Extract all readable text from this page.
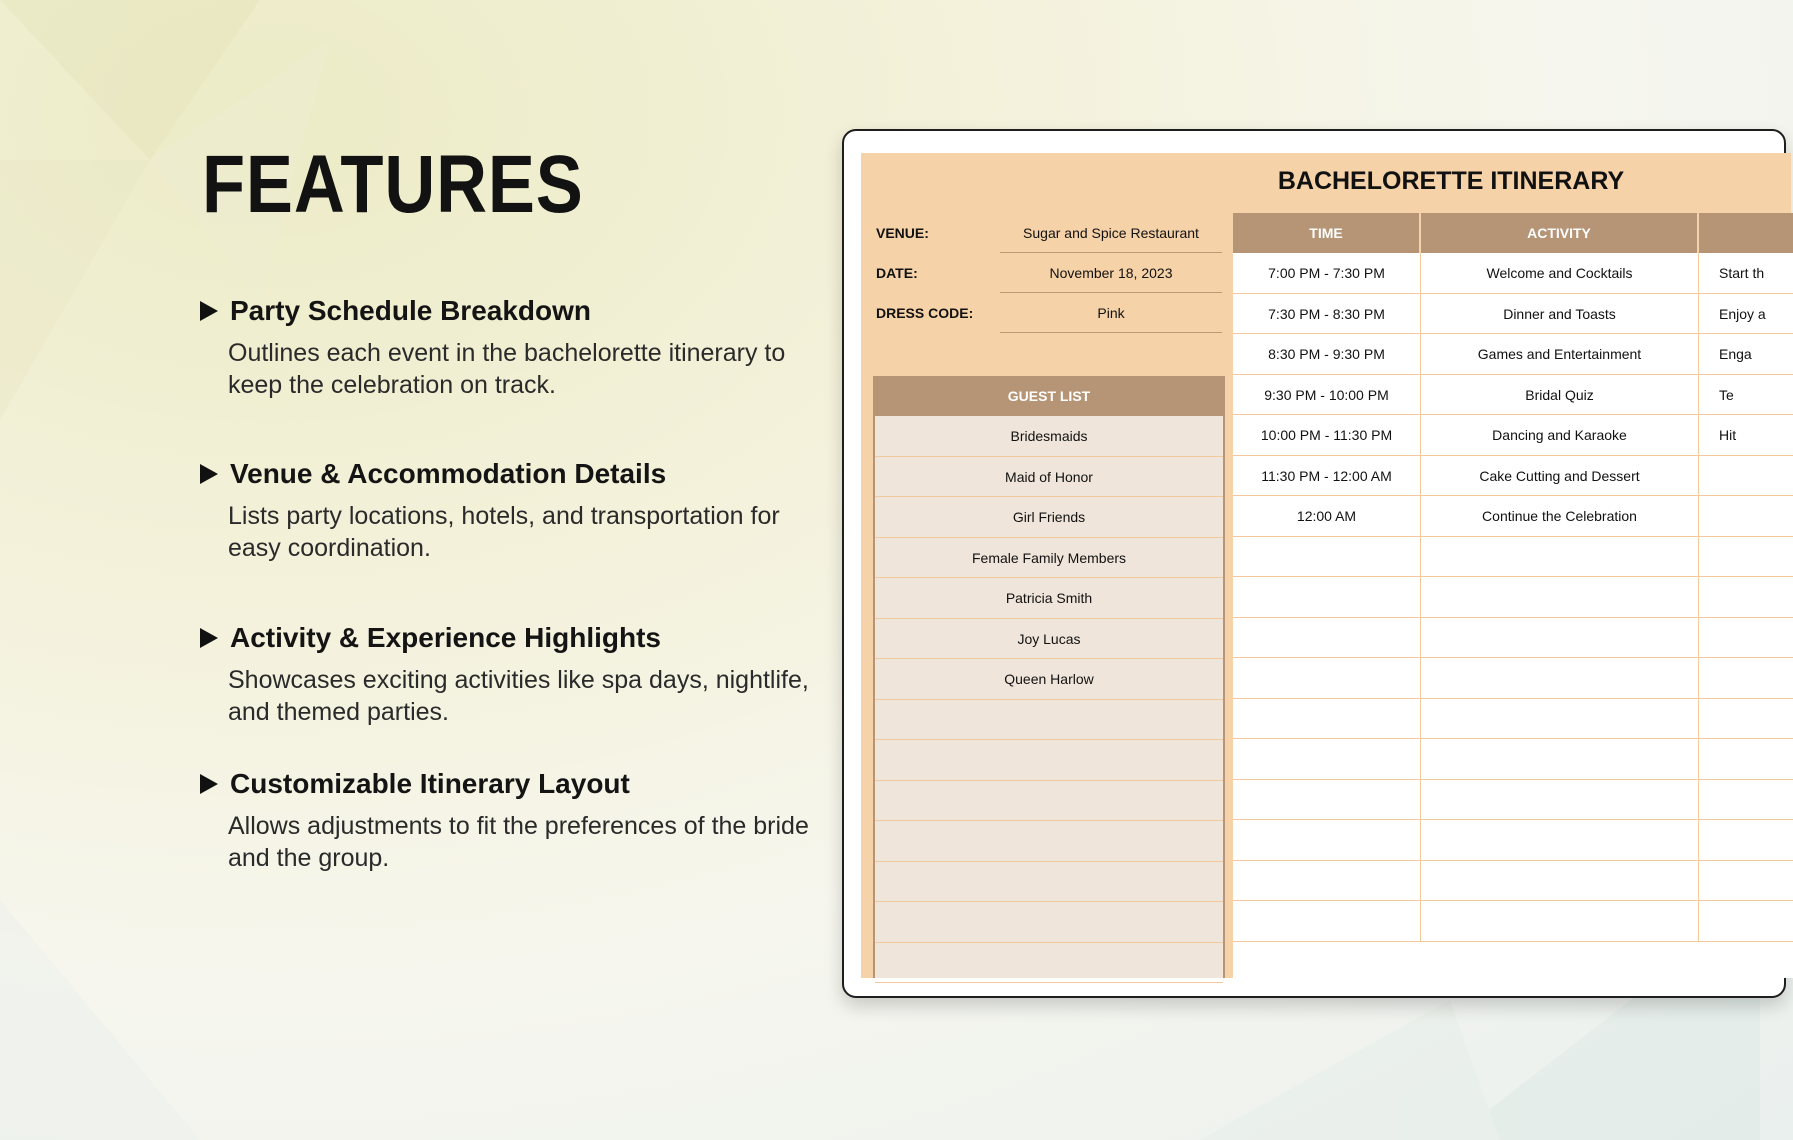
FEATURES
Party Schedule Breakdown
Outlines each event in the bachelorette itinerary to keep the celebration on track.
Venue & Accommodation Details
Lists party locations, hotels, and transportation for easy coordination.
Activity & Experience Highlights
Showcases exciting activities like spa days, nightlife, and themed parties.
Customizable Itinerary Layout
Allows adjustments to fit the preferences of the bride and the group.
BACHELORETTE ITINERARY
VENUE:	Sugar and Spice Restaurant
DATE:	November 18, 2023
DRESS CODE:	Pink
GUEST LIST
Bridesmaids
Maid of Honor
Girl Friends
Female Family Members
Patricia Smith
Joy Lucas
Queen Harlow
TIME	ACTIVITY
7:00 PM - 7:30 PM	Welcome and Cocktails	Start th
7:30 PM - 8:30 PM	Dinner and Toasts	Enjoy a
8:30 PM - 9:30 PM	Games and Entertainment	Enga
9:30 PM - 10:00 PM	Bridal Quiz	Te
10:00 PM - 11:30 PM	Dancing and Karaoke	Hit
11:30 PM - 12:00 AM	Cake Cutting and Dessert
12:00 AM	Continue the Celebration
